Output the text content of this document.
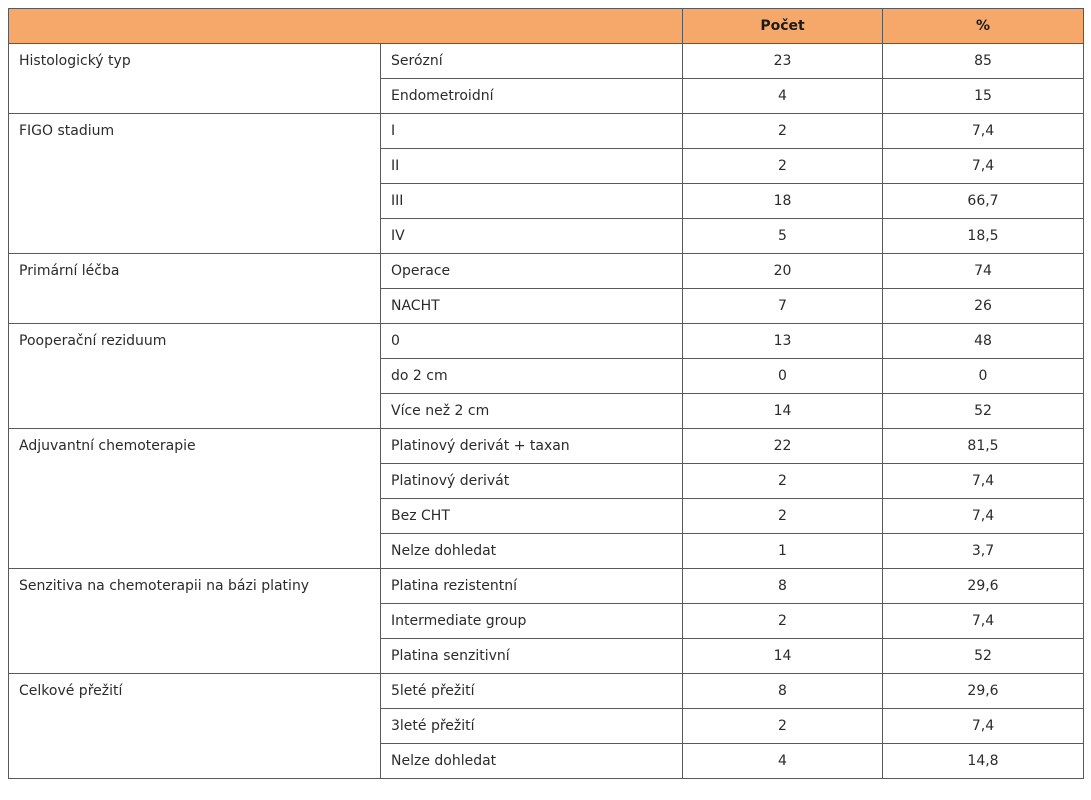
		Počet	%
Histologický typ	Serózní	23	85
	Endometroidní	4	15
FIGO stadium	I	2	7,4
	II	2	7,4
	III	18	66,7
	IV	5	18,5
Primární léčba	Operace	20	74
	NACHT	7	26
Pooperační reziduum	0	13	48
	do 2 cm	0	0
	Více než 2 cm	14	52
Adjuvantní chemoterapie	Platinový derivát + taxan	22	81,5
	Platinový derivát	2	7,4
	Bez CHT	2	7,4
	Nelze dohledat	1	3,7
Senzitiva na chemoterapii na bázi platiny	Platina rezistentní	8	29,6
	Intermediate group	2	7,4
	Platina senzitivní	14	52
Celkové přežití	5leté přežití	8	29,6
	3leté přežití	2	7,4
	Nelze dohledat	4	14,8
